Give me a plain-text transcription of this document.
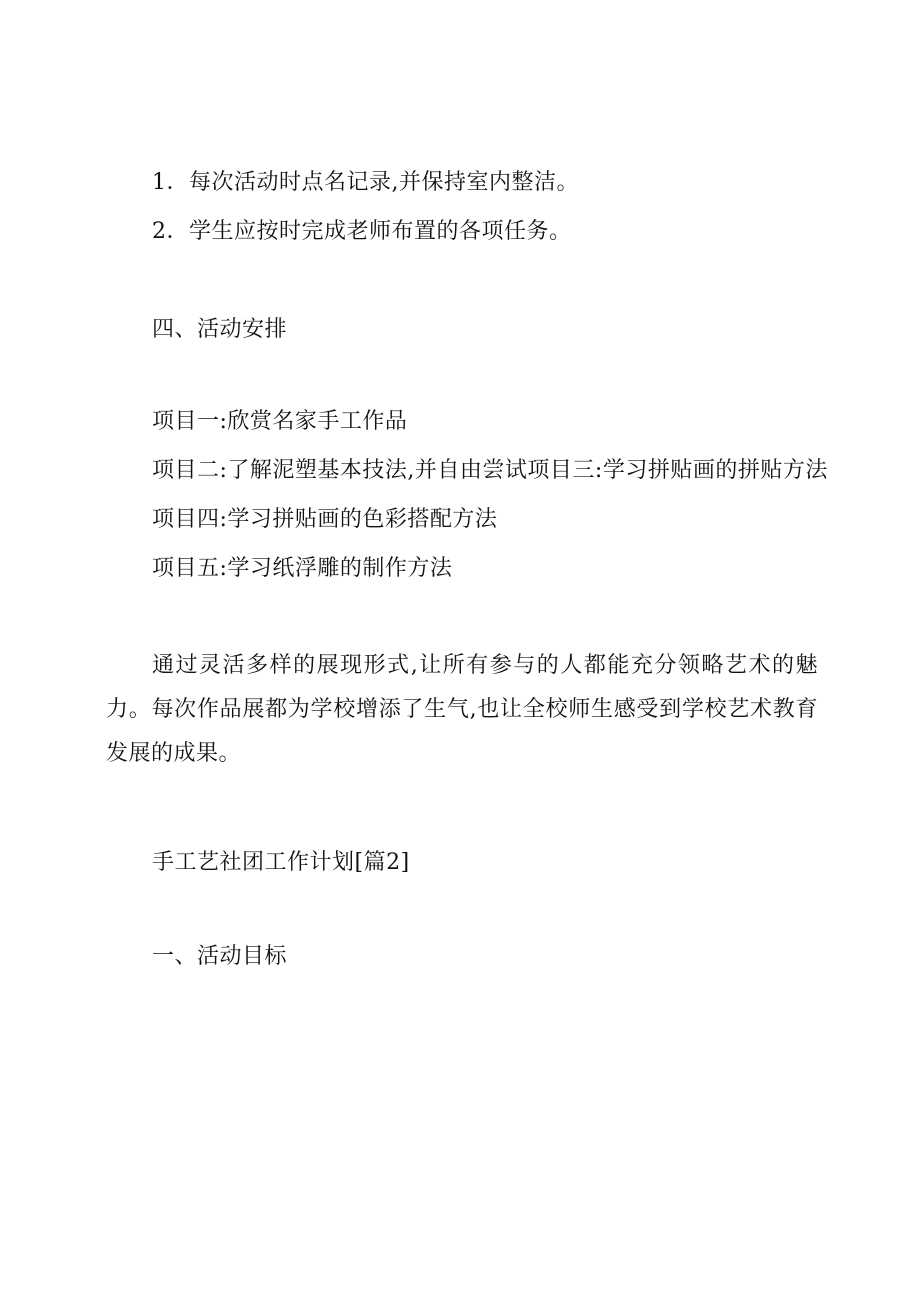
1．每次活动时点名记录,并保持室内整洁。
2．学生应按时完成老师布置的各项任务。
四、活动安排
项目一:欣赏名家手工作品
项目二:了解泥塑基本技法,并自由尝试项目三:学习拼贴画的拼贴方法
项目四:学习拼贴画的色彩搭配方法
项目五:学习纸浮雕的制作方法
通过灵活多样的展现形式,让所有参与的人都能充分领略艺术的魅力。每次作品展都为学校增添了生气,也让全校师生感受到学校艺术教育发展的成果。
手工艺社团工作计划[篇2]
一、活动目标
